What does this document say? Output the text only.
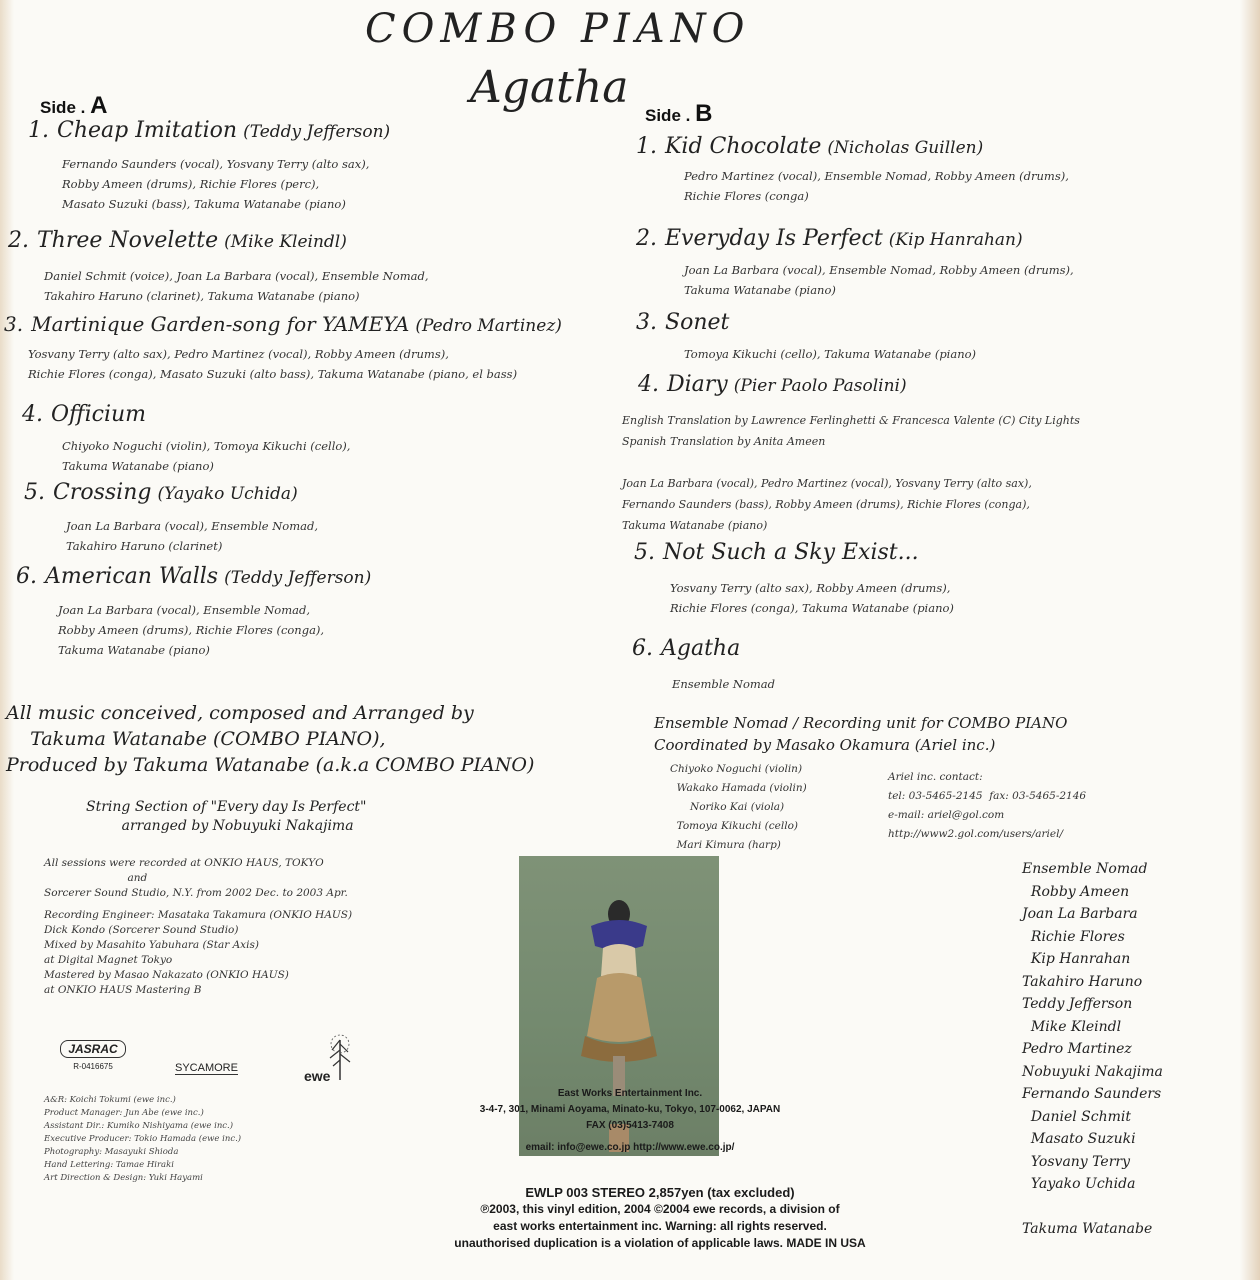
COMBO PIANO
Agatha
Side . A
1. Cheap Imitation (Teddy Jefferson)
Fernando Saunders (vocal), Yosvany Terry (alto sax),
Robby Ameen (drums), Richie Flores (perc),
Masato Suzuki (bass), Takuma Watanabe (piano)
2. Three Novelette (Mike Kleindl)
Daniel Schmit (voice), Joan La Barbara (vocal), Ensemble Nomad,
Takahiro Haruno (clarinet), Takuma Watanabe (piano)
3. Martinique Garden-song for YAMEYA (Pedro Martinez)
Yosvany Terry (alto sax), Pedro Martinez (vocal), Robby Ameen (drums),
Richie Flores (conga), Masato Suzuki (alto bass), Takuma Watanabe (piano, el bass)
4. Officium
Chiyoko Noguchi (violin), Tomoya Kikuchi (cello),
Takuma Watanabe (piano)
5. Crossing (Yayako Uchida)
Joan La Barbara (vocal), Ensemble Nomad,
Takahiro Haruno (clarinet)
6. American Walls (Teddy Jefferson)
Joan La Barbara (vocal), Ensemble Nomad,
Robby Ameen (drums), Richie Flores (conga),
Takuma Watanabe (piano)
All music conceived, composed and Arranged by
Takuma Watanabe (COMBO PIANO),
Produced by Takuma Watanabe (a.k.a COMBO PIANO)
String Section of "Every day Is Perfect"
arranged by Nobuyuki Nakajima
All sessions were recorded at ONKIO HAUS, TOKYO
and
Sorcerer Sound Studio, N.Y. from 2002 Dec. to 2003 Apr.
Recording Engineer: Masataka Takamura (ONKIO HAUS)
Dick Kondo (Sorcerer Sound Studio)
Mixed by Masahito Yabuhara (Star Axis)
at Digital Magnet Tokyo
Mastered by Masao Nakazato (ONKIO HAUS)
at ONKIO HAUS Mastering B
A&R: Koichi Tokumi (ewe inc.)
Product Manager: Jun Abe (ewe inc.)
Assistant Dir.: Kumiko Nishiyama (ewe inc.)
Executive Producer: Tokio Hamada (ewe inc.)
Photography: Masayuki Shioda
Hand Lettering: Tamae Hiraki
Art Direction & Design: Yuki Hayami
JASRAC
R-0416675	SYCAMORE	ewe
Side . B
1. Kid Chocolate (Nicholas Guillen)
Pedro Martinez (vocal), Ensemble Nomad, Robby Ameen (drums),
Richie Flores (conga)
2. Everyday Is Perfect (Kip Hanrahan)
Joan La Barbara (vocal), Ensemble Nomad, Robby Ameen (drums),
Takuma Watanabe (piano)
3. Sonet
Tomoya Kikuchi (cello), Takuma Watanabe (piano)
4. Diary (Pier Paolo Pasolini)
English Translation by Lawrence Ferlinghetti & Francesca Valente (C) City Lights
Spanish Translation by Anita Ameen

Joan La Barbara (vocal), Pedro Martinez (vocal), Yosvany Terry (alto sax),
Fernando Saunders (bass), Robby Ameen (drums), Richie Flores (conga),
Takuma Watanabe (piano)
5. Not Such a Sky Exist...
Yosvany Terry (alto sax), Robby Ameen (drums),
Richie Flores (conga), Takuma Watanabe (piano)
6. Agatha
Ensemble Nomad
Ensemble Nomad / Recording unit for COMBO PIANO
Coordinated by Masako Okamura (Ariel inc.)
Chiyoko Noguchi (violin)
Wakako Hamada (violin)
Noriko Kai (viola)
Tomoya Kikuchi (cello)
Mari Kimura (harp)
Ariel inc. contact:
tel: 03-5465-2145  fax: 03-5465-2146
e-mail: ariel@gol.com
http://www2.gol.com/users/ariel/
Ensemble Nomad
Robby Ameen
Joan La Barbara
Richie Flores
Kip Hanrahan
Takahiro Haruno
Teddy Jefferson
Mike Kleindl
Pedro Martinez
Nobuyuki Nakajima
Fernando Saunders
Daniel Schmit
Masato Suzuki
Yosvany Terry
Yayako Uchida

Takuma Watanabe
East Works Entertainment Inc.
3-4-7, 301, Minami Aoyama, Minato-ku, Tokyo, 107-0062, JAPAN
FAX (03)5413-7408
email: info@ewe.co.jp http://www.ewe.co.jp/
EWLP 003 STEREO 2,857yen (tax excluded)
℗2003, this vinyl edition, 2004 ©2004 ewe records, a division of
east works entertainment inc. Warning: all rights reserved.
unauthorised duplication is a violation of applicable laws. MADE IN USA
